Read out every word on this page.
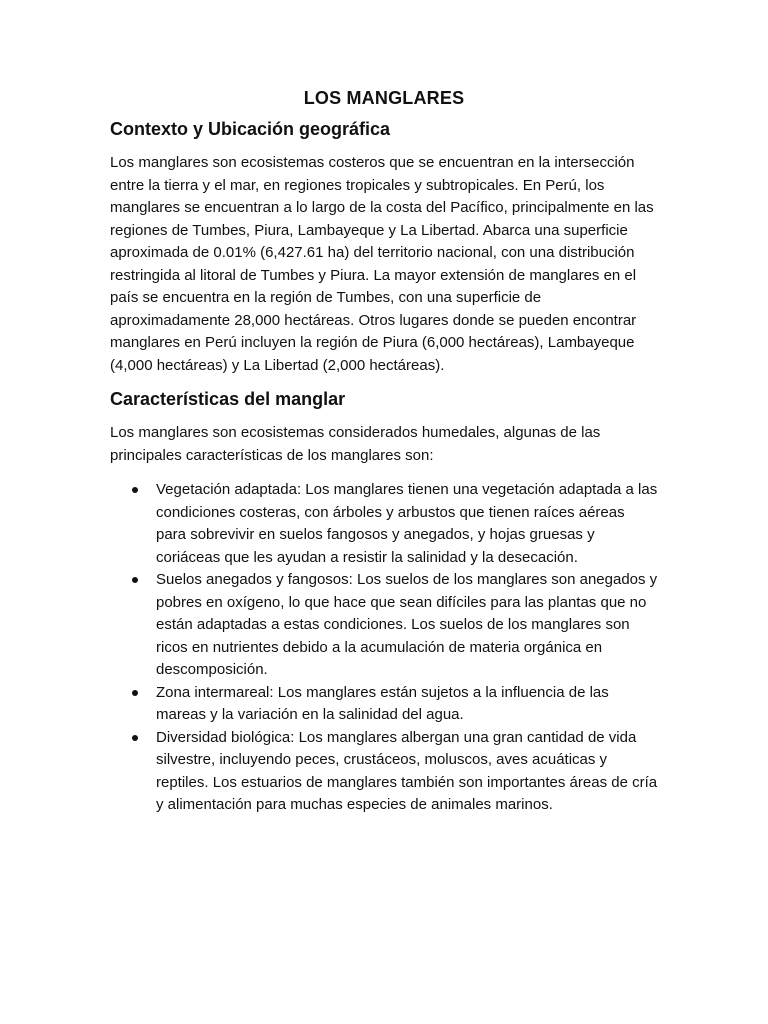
LOS MANGLARES
Contexto y Ubicación geográfica

Los manglares son ecosistemas costeros que se encuentran en la intersección entre la tierra y el mar, en regiones tropicales y subtropicales. En Perú, los manglares se encuentran a lo largo de la costa del Pacífico, principalmente en las regiones de Tumbes, Piura, Lambayeque y La Libertad. Abarca una superficie aproximada de 0.01% (6,427.61 ha) del territorio nacional, con una distribución restringida al litoral de Tumbes y Piura. La mayor extensión de manglares en el país se encuentra en la región de Tumbes, con una superficie de aproximadamente 28,000 hectáreas. Otros lugares donde se pueden encontrar manglares en Perú incluyen la región de Piura (6,000 hectáreas), Lambayeque (4,000 hectáreas) y La Libertad (2,000 hectáreas).

Características del manglar

Los manglares son ecosistemas considerados humedales, algunas de las principales características de los manglares son:

Vegetación adaptada: Los manglares tienen una vegetación adaptada a las condiciones costeras, con árboles y arbustos que tienen raíces aéreas para sobrevivir en suelos fangosos y anegados, y hojas gruesas y coriáceas que les ayudan a resistir la salinidad y la desecación.
Suelos anegados y fangosos: Los suelos de los manglares son anegados y pobres en oxígeno, lo que hace que sean difíciles para las plantas que no están adaptadas a estas condiciones. Los suelos de los manglares son ricos en nutrientes debido a la acumulación de materia orgánica en descomposición.
Zona intermareal: Los manglares están sujetos a la influencia de las mareas y la variación en la salinidad del agua.
Diversidad biológica: Los manglares albergan una gran cantidad de vida silvestre, incluyendo peces, crustáceos, moluscos, aves acuáticas y reptiles. Los estuarios de manglares también son importantes áreas de cría y alimentación para muchas especies de animales marinos.
